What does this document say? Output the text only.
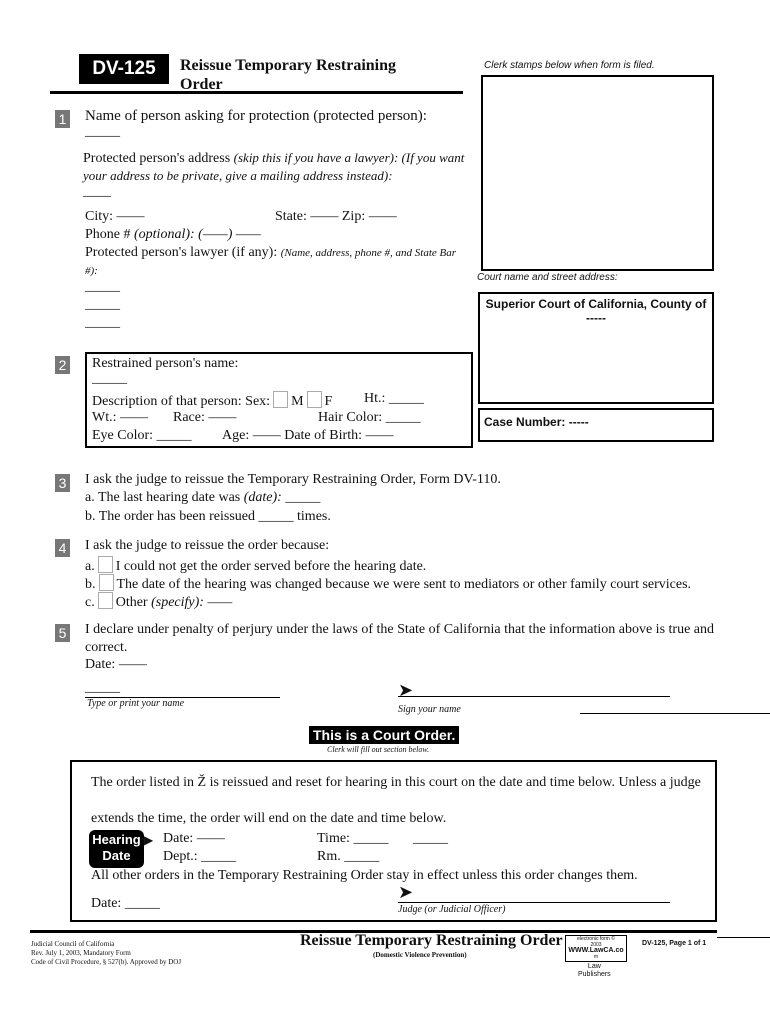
DV-125	Reissue Temporary Restraining
Order
Clerk stamps below when form is filed.
Court name and street address:
Superior Court of California, County of
-----
Case Number: -----
1 Name of person asking for protection (protected person):
_____
Protected person's address (skip this if you have a lawyer): (If you want
your address to be private, give a mailing address instead):
____
City: ——	State: —— Zip: ——
Phone # (optional): (——) ——
Protected person's lawyer (if any): (Name, address, phone #, and State Bar
#):
_____
_____
_____
2 Restrained person's name:
_____
Description of that person: Sex: M F Ht.: _____
Wt.: —— Race: ——	Hair Color: _____
Eye Color: _____ Age: —— Date of Birth: ——
3 I ask the judge to reissue the Temporary Restraining Order, Form DV-110.
a. The last hearing date was (date): _____
b. The order has been reissued _____ times.
4 I ask the judge to reissue the order because:
a. I could not get the order served before the hearing date.
b. The date of the hearing was changed because we were sent to mediators or other family court services.
c. Other (specify): ——
5 I declare under penalty of perjury under the laws of the State of California that the information above is true and
correct.
Date: ——
_____
Type or print your name
➤
Sign your name
This is a Court Order.
Clerk will fill out section below.
The order listed in Ž is reissued and reset for hearing in this court on the date and time below. Unless a judge
extends the time, the order will end on the date and time below.
Hearing
Date
▶ Date: ——	Time: _____ _____
Dept.: _____	Rm. _____
All other orders in the Temporary Restraining Order stay in effect unless this order changes them.
Date: _____
➤
Judge (or Judicial Officer)
Judicial Council of California
Rev. July 1, 2003, Mandatory Form
Code of Civil Procedure, § 527(b). Approved by DOJ
Reissue Temporary Restraining Order
(Domestic Violence Prevention)
electronic form ©
2003
WWW.LawCA.co
m
Law
Publishers
DV-125, Page 1 of 1
